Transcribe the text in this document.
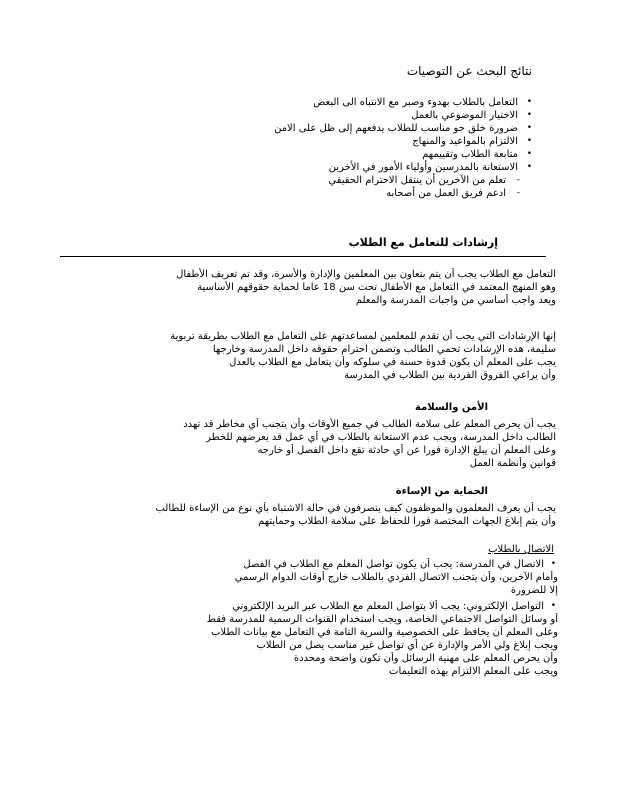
نتائج البحث عن التوصيات
• التعامل بالطلاب بهدوء وصبر مع الانتباه الى البعض
• الاختيار الموضوعي بالعمل
• ضرورة خلق جو مناسب للطلاب يدفعهم إلى ظل على الامن
• الالتزام بالمواعيد والمنهاج
• متابعة الطلاب وتقييمهم
• الاستعانة بالمدرسين وأولياء الأمور في الأخرين
- تعلم من الآخرين أن ينتقل الاحترام الحقيقي
- ادعم فريق العمل من أصحابه
إرشادات للتعامل مع الطلاب
التعامل مع الطلاب يجب أن يتم بتعاون بين المعلمين والإدارة والأسرة، وقد تم تعريف الأطفال
وهو المنهج المعتمد في التعامل مع الأطفال تحت سن 18 عاما لحماية حقوقهم الأساسية
ويعد واجب أساسي من واجبات المدرسة والمعلم
إنها الإرشادات التي يجب أن تقدم للمعلمين لمساعدتهم على التعامل مع الطلاب بطريقة تربوية
سليمة، هذه الإرشادات تحمي الطالب وتضمن احترام حقوقه داخل المدرسة وخارجها
يجب على المعلم أن يكون قدوة حسنة في سلوكه وأن يتعامل مع الطلاب بالعدل
وأن يراعي الفروق الفردية بين الطلاب في المدرسة
الأمن والسلامة
يجب أن يحرص المعلم على سلامة الطالب في جميع الأوقات وأن يتجنب أي مخاطر قد تهدد
الطالب داخل المدرسة، ويجب عدم الاستعانة بالطلاب في أي عمل قد يعرضهم للخطر
وعلى المعلم أن يبلغ الإدارة فورا عن أي حادثة تقع داخل الفصل أو خارجه
قوانين وأنظمة العمل
الحماية من الإساءة
يجب أن يعرف المعلمون والموظفون كيف يتصرفون في حالة الاشتباه بأي نوع من الإساءة للطالب
وأن يتم إبلاغ الجهات المختصة فورا للحفاظ على سلامة الطلاب وحمايتهم
الاتصال بالطلاب
• الاتصال في المدرسة: يجب أن يكون تواصل المعلم مع الطلاب في الفصل
وأمام الآخرين، وأن يتجنب الاتصال الفردي بالطلاب خارج أوقات الدوام الرسمي
إلا للضرورة
• التواصل الإلكتروني: يجب ألا يتواصل المعلم مع الطلاب عبر البريد الإلكتروني
أو وسائل التواصل الاجتماعي الخاصة، ويجب استخدام القنوات الرسمية للمدرسة فقط
وعلى المعلم أن يحافظ على الخصوصية والسرية التامة في التعامل مع بيانات الطلاب
ويجب إبلاغ ولي الأمر والإدارة عن أي تواصل غير مناسب يصل من الطلاب
وأن يحرص المعلم على مهنية الرسائل وأن تكون واضحة ومحددة
ويجب على المعلم الالتزام بهذه التعليمات
